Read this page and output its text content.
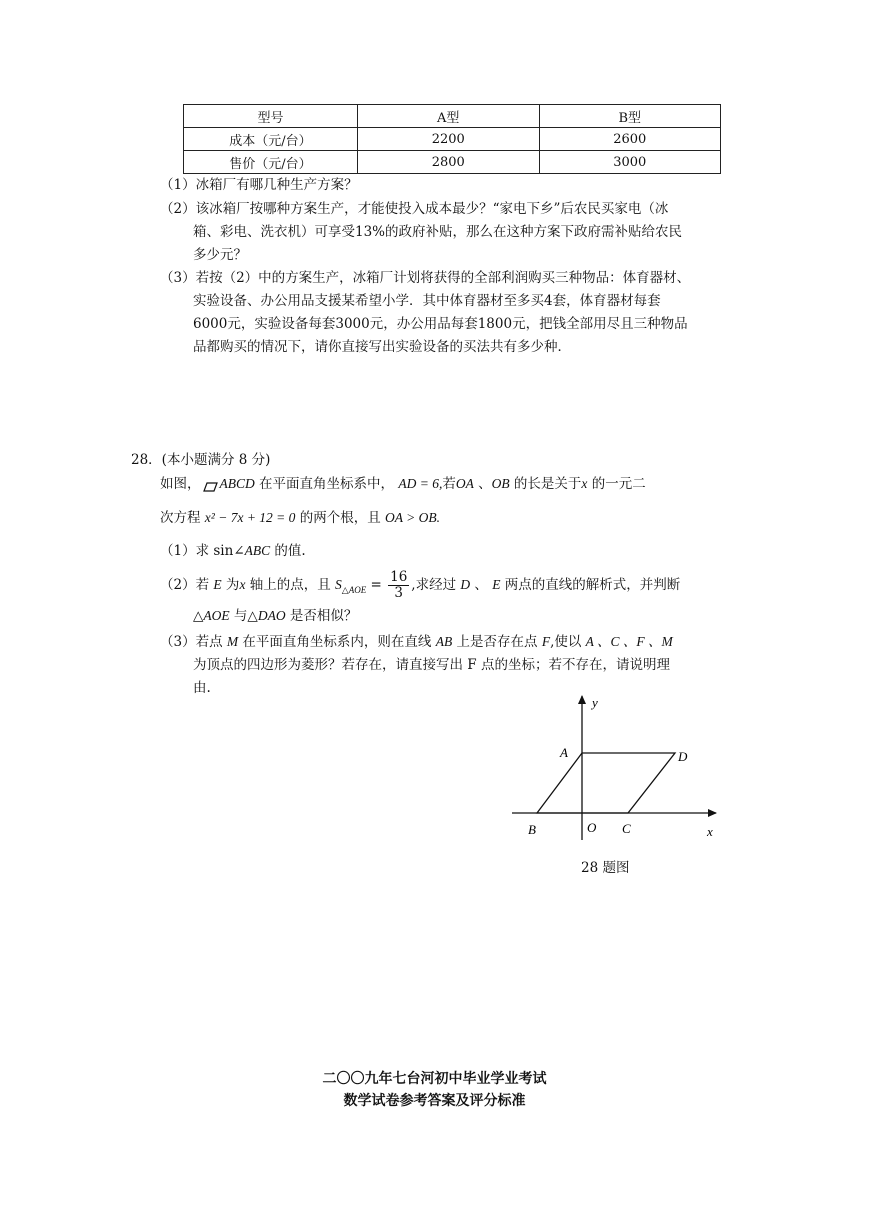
型号	A型	B型
成本（元/台）	2200	2600
售价（元/台）	2800	3000
（1）冰箱厂有哪几种生产方案？
（2）该冰箱厂按哪种方案生产，才能使投入成本最少？“家电下乡”后农民买家电（冰
箱、彩电、洗衣机）可享受13%的政府补贴，那么在这种方案下政府需补贴给农民
多少元？
（3）若按（2）中的方案生产，冰箱厂计划将获得的全部利润购买三种物品：体育器材、
实验设备、办公用品支援某希望小学．其中体育器材至多买4套，体育器材每套
6000元，实验设备每套3000元，办公用品每套1800元，把钱全部用尽且三种物品
品都购买的情况下，请你直接写出实验设备的买法共有多少种．
28．(本小题满分 8 分)
如图， ABCD 在平面直角坐标系中， AD = 6,若OA 、OB 的长是关于x 的一元二
次方程 x² − 7x + 12 = 0 的两个根，且 OA > OB.
（1）求 sin∠ABC 的值.
（2）若 E 为x 轴上的点，且 $S_{\triangle AOE} = \frac{16}{3}$ ,求经过 D 、 E 两点的直线的解析式，并判断
△AOE 与△DAO 是否相似？
（3）若点 M 在平面直角坐标系内，则在直线 AB 上是否存在点 F,使以 A 、C 、F 、M
为顶点的四边形为菱形？若存在，请直接写出 F 点的坐标；若不存在，请说明理
由.
y
A	D
B	O C	x
28 题图
二〇〇九年七台河初中毕业学业考试
数学试卷参考答案及评分标准
